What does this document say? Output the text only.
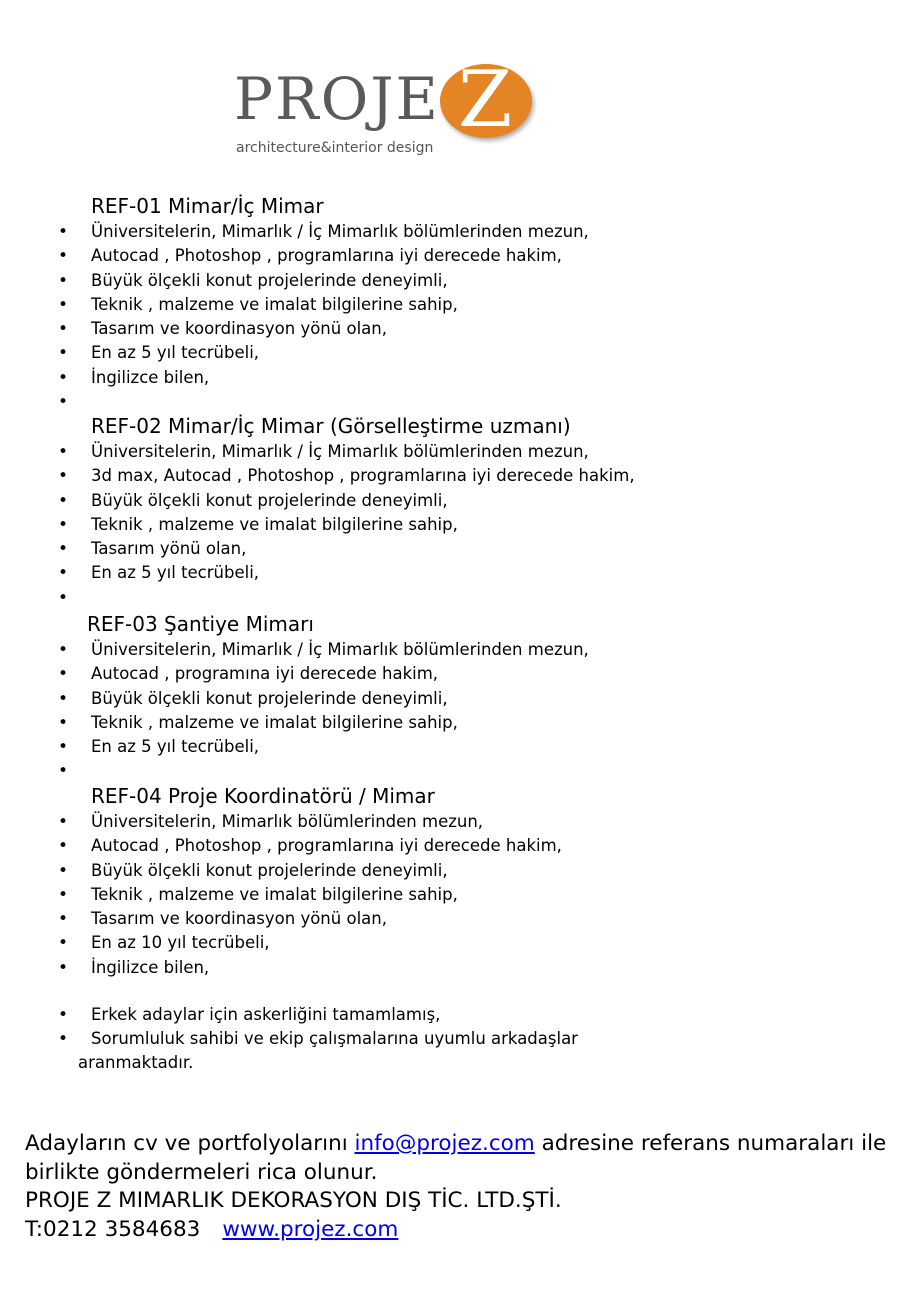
PROJE Z
architecture&interior design
REF-01 Mimar/İç Mimar
• Üniversitelerin, Mimarlık / İç Mimarlık bölümlerinden mezun,
• Autocad , Photoshop , programlarına iyi derecede hakim,
• Büyük ölçekli konut projelerinde deneyimli,
• Teknik , malzeme ve imalat bilgilerine sahip,
• Tasarım ve koordinasyon yönü olan,
• En az 5 yıl tecrübeli,
• İngilizce bilen,
•
REF-02 Mimar/İç Mimar (Görselleştirme uzmanı)
• Üniversitelerin, Mimarlık / İç Mimarlık bölümlerinden mezun,
• 3d max, Autocad , Photoshop , programlarına iyi derecede hakim,
• Büyük ölçekli konut projelerinde deneyimli,
• Teknik , malzeme ve imalat bilgilerine sahip,
• Tasarım yönü olan,
• En az 5 yıl tecrübeli,
•
REF-03 Şantiye Mimarı
• Üniversitelerin, Mimarlık / İç Mimarlık bölümlerinden mezun,
• Autocad , programına iyi derecede hakim,
• Büyük ölçekli konut projelerinde deneyimli,
• Teknik , malzeme ve imalat bilgilerine sahip,
• En az 5 yıl tecrübeli,
•
REF-04 Proje Koordinatörü / Mimar
• Üniversitelerin, Mimarlık bölümlerinden mezun,
• Autocad , Photoshop , programlarına iyi derecede hakim,
• Büyük ölçekli konut projelerinde deneyimli,
• Teknik , malzeme ve imalat bilgilerine sahip,
• Tasarım ve koordinasyon yönü olan,
• En az 10 yıl tecrübeli,
• İngilizce bilen,
• Erkek adaylar için askerliğini tamamlamış,
• Sorumluluk sahibi ve ekip çalışmalarına uyumlu arkadaşlar
aranmaktadır.
Adayların cv ve portfolyolarını info@projez.com adresine referans numaraları ile
birlikte göndermeleri rica olunur.
PROJE Z MIMARLIK DEKORASYON DIŞ TİC. LTD.ŞTİ.
T:0212 3584683 www.projez.com
